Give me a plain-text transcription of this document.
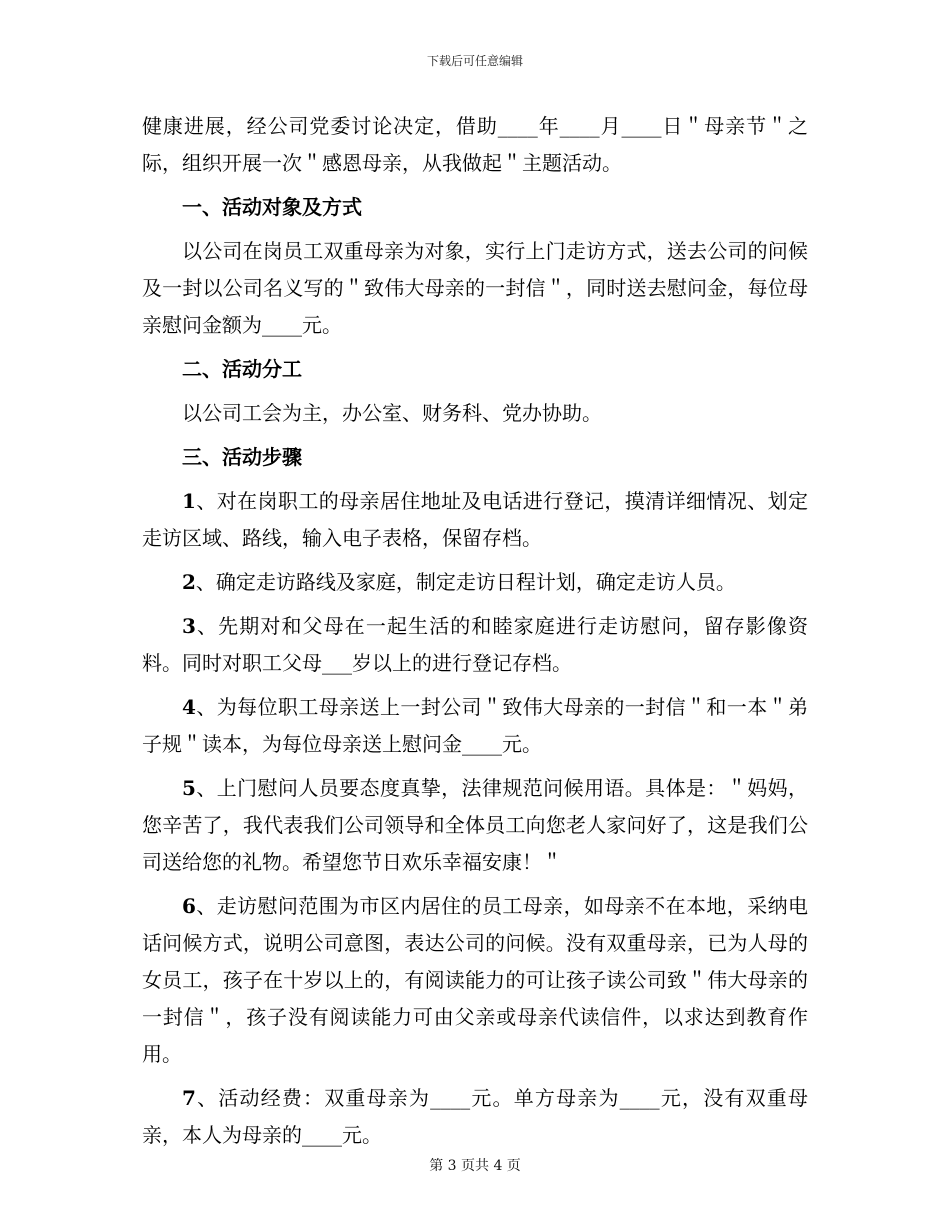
下载后可任意编辑

健康进展，经公司党委讨论决定，借助____年____月____日＂母亲节＂之际，组织开展一次＂感恩母亲，从我做起＂主题活动。

一、活动对象及方式

以公司在岗员工双重母亲为对象，实行上门走访方式，送去公司的问候及一封以公司名义写的＂致伟大母亲的一封信＂，同时送去慰问金，每位母亲慰问金额为____元。

二、活动分工

以公司工会为主，办公室、财务科、党办协助。

三、活动步骤

1、对在岗职工的母亲居住地址及电话进行登记，摸清详细情况、划定走访区域、路线，输入电子表格，保留存档。

2、确定走访路线及家庭，制定走访日程计划，确定走访人员。

3、先期对和父母在一起生活的和睦家庭进行走访慰问，留存影像资料。同时对职工父母___岁以上的进行登记存档。

4、为每位职工母亲送上一封公司＂致伟大母亲的一封信＂和一本＂弟子规＂读本，为每位母亲送上慰问金____元。

5、上门慰问人员要态度真挚，法律规范问候用语。具体是：＂妈妈，您辛苦了，我代表我们公司领导和全体员工向您老人家问好了，这是我们公司送给您的礼物。希望您节日欢乐幸福安康！＂

6、走访慰问范围为市区内居住的员工母亲，如母亲不在本地，采纳电话问候方式，说明公司意图，表达公司的问候。没有双重母亲，已为人母的女员工，孩子在十岁以上的，有阅读能力的可让孩子读公司致＂伟大母亲的一封信＂，孩子没有阅读能力可由父亲或母亲代读信件，以求达到教育作用。

7、活动经费：双重母亲为____元。单方母亲为____元，没有双重母亲，本人为母亲的____元。

第 3 页共 4 页
